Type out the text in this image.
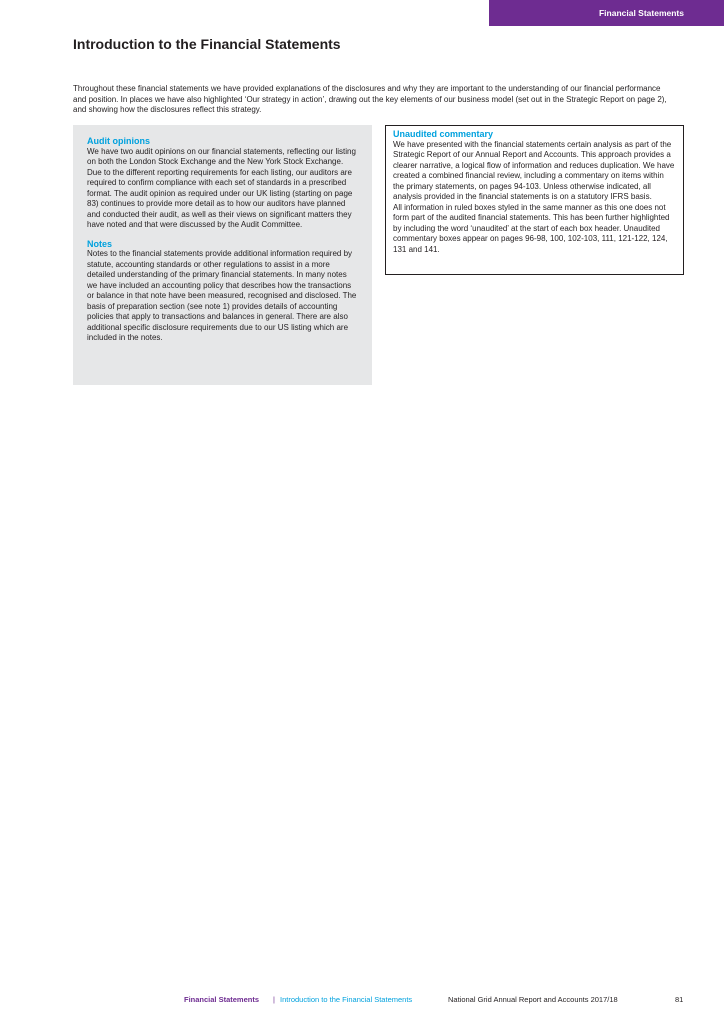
Financial Statements
Introduction to the Financial Statements

Throughout these financial statements we have provided explanations of the disclosures and why they are important to the understanding of our financial performance and position. In places we have also highlighted ‘Our strategy in action’, drawing out the key elements of our business model (set out in the Strategic Report on page 2), and showing how the disclosures reflect this strategy.

Audit opinions

We have two audit opinions on our financial statements, reflecting our listing on both the London Stock Exchange and the New York Stock Exchange. Due to the different reporting requirements for each listing, our auditors are required to confirm compliance with each set of standards in a prescribed format. The audit opinion as required under our UK listing (starting on page 83) continues to provide more detail as to how our auditors have planned and conducted their audit, as well as their views on significant matters they have noted and that were discussed by the Audit Committee.

Notes

Notes to the financial statements provide additional information required by statute, accounting standards or other regulations to assist in a more detailed understanding of the primary financial statements. In many notes we have included an accounting policy that describes how the transactions or balance in that note have been measured, recognised and disclosed. The basis of preparation section (see note 1) provides details of accounting policies that apply to transactions and balances in general. There are also additional specific disclosure requirements due to our US listing which are included in the notes.

Unaudited commentary

We have presented with the financial statements certain analysis as part of the Strategic Report of our Annual Report and Accounts. This approach provides a clearer narrative, a logical flow of information and reduces duplication. We have created a combined financial review, including a commentary on items within the primary statements, on pages 94-103. Unless otherwise indicated, all analysis provided in the financial statements is on a statutory IFRS basis.

All information in ruled boxes styled in the same manner as this one does not form part of the audited financial statements. This has been further highlighted by including the word ‘unaudited’ at the start of each box header. Unaudited commentary boxes appear on pages 96-98, 100, 102-103, 111, 121-122, 124, 131 and 141.

Financial Statements | Introduction to the Financial Statements	National Grid Annual Report and Accounts 2017/18	81
